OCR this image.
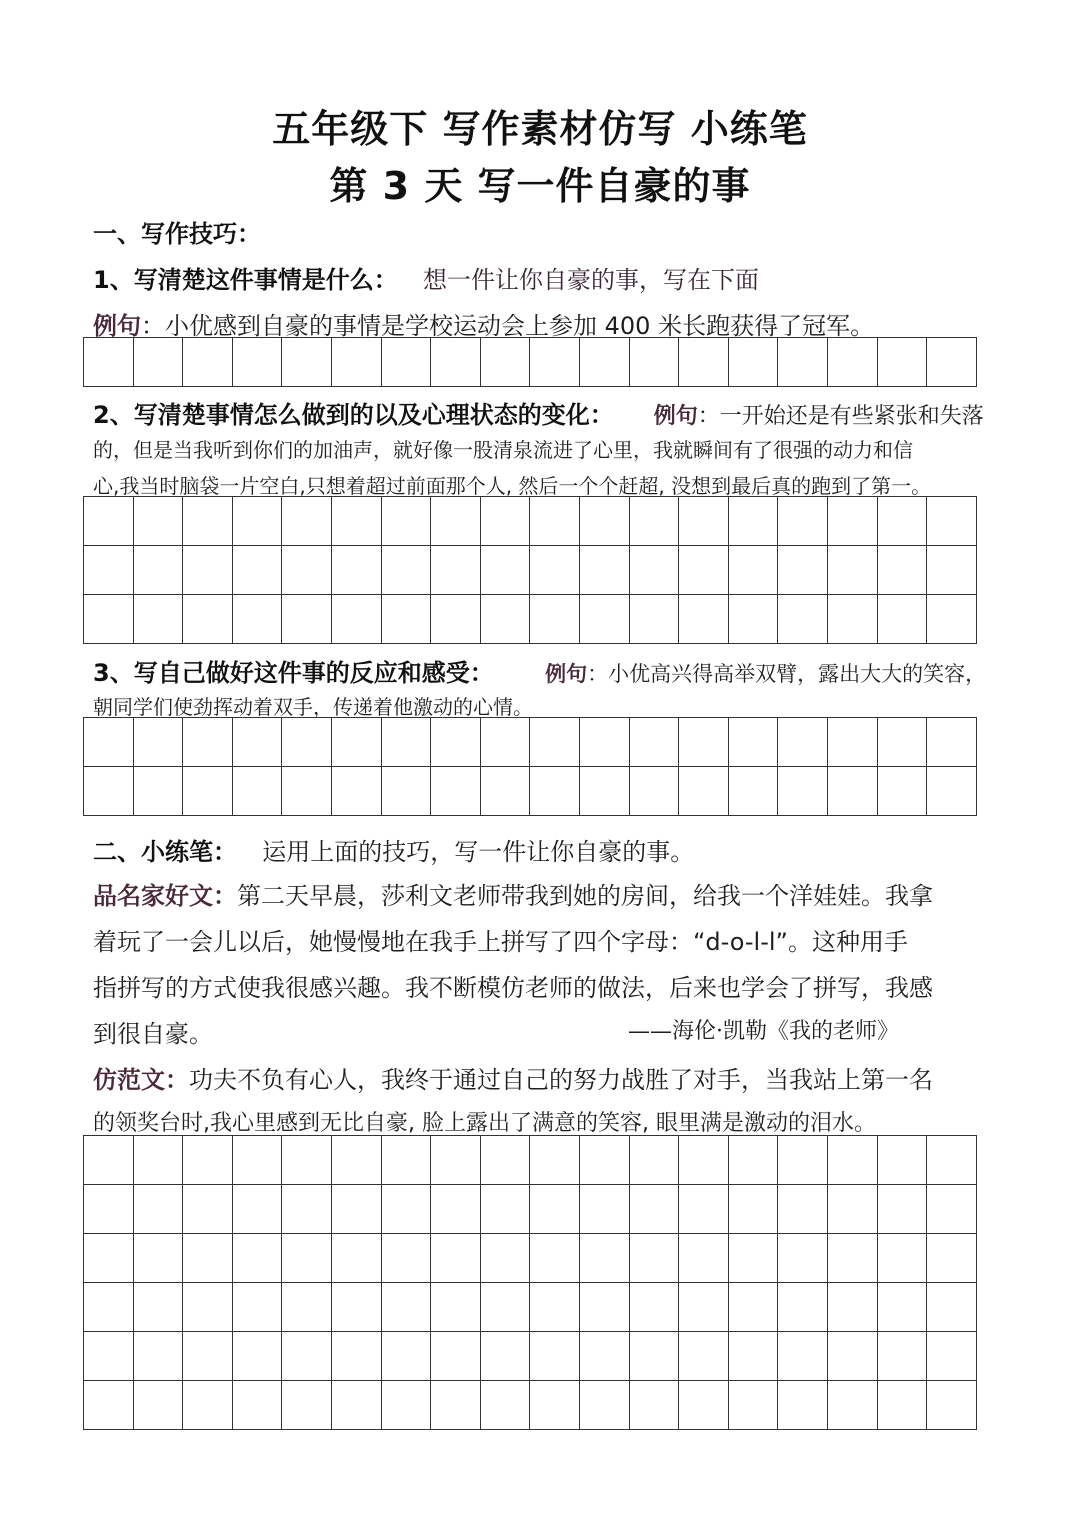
五年级下 写作素材仿写 小练笔
第 3 天 写一件自豪的事
一、写作技巧：
1、写清楚这件事情是什么： 想一件让你自豪的事，写在下面
例句：小优感到自豪的事情是学校运动会上参加 400 米长跑获得了冠军。
2、写清楚事情怎么做到的以及心理状态的变化： 例句：一开始还是有些紧张和失落
的，但是当我听到你们的加油声，就好像一股清泉流进了心里，我就瞬间有了很强的动力和信
心,我当时脑袋一片空白,只想着超过前面那个人, 然后一个个赶超, 没想到最后真的跑到了第一。
3、写自己做好这件事的反应和感受： 例句：小优高兴得高举双臂，露出大大的笑容，
朝同学们使劲挥动着双手，传递着他激动的心情。
二、小练笔： 运用上面的技巧，写一件让你自豪的事。
品名家好文：第二天早晨，莎利文老师带我到她的房间，给我一个洋娃娃。我拿
着玩了一会儿以后，她慢慢地在我手上拼写了四个字母：“d-o-l-l”。这种用手
指拼写的方式使我很感兴趣。我不断模仿老师的做法，后来也学会了拼写，我感
到很自豪。	——海伦·凯勒《我的老师》
仿范文：功夫不负有心人，我终于通过自己的努力战胜了对手，当我站上第一名
的领奖台时,我心里感到无比自豪, 脸上露出了满意的笑容, 眼里满是激动的泪水。
